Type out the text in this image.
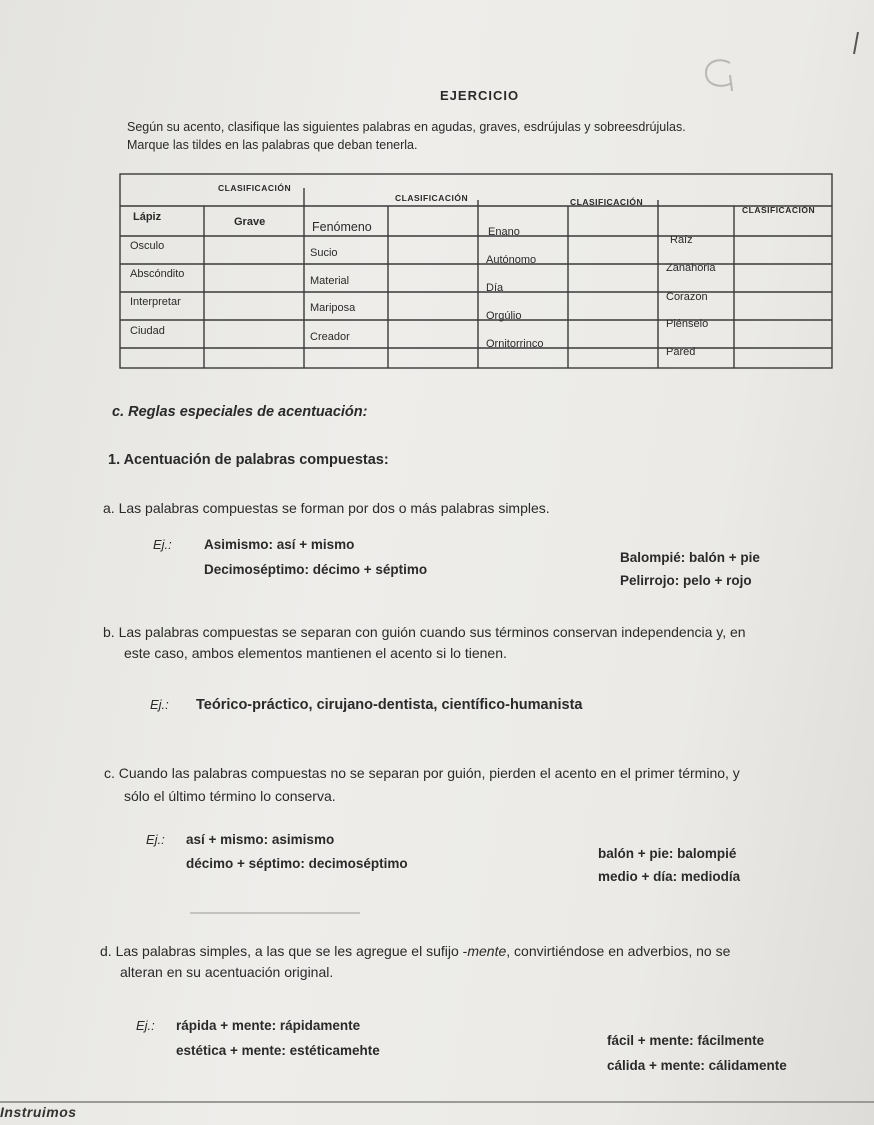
EJERCICIO
Según su acento, clasifique las siguientes palabras en agudas, graves, esdrújulas y sobreesdrújulas.
Marque las tildes en las palabras que deban tenerla.
CLASIFICACIÓN
CLASIFICACIÓN	CLASIFICACIÓN
CLASIFICACIÓN
Lápiz
Osculo
Abscóndito
Interpretar
Ciudad
Grave	Fenómeno
Sucio
Material
Mariposa
Creador
Enano
Autónomo
Día
Orgúlio
Ornitorrinco
Raíz
Zanahoria
Corazon
Piénselo
Pared
c. Reglas especiales de acentuación:
1. Acentuación de palabras compuestas:
a. Las palabras compuestas se forman por dos o más palabras simples.
Ej.: Asimismo: así + mismo
Decimoséptimo: décimo + séptimo
Balompié: balón + pie
Pelirrojo: pelo + rojo
b. Las palabras compuestas se separan con guión cuando sus términos conservan independencia y, en
este caso, ambos elementos mantienen el acento si lo tienen.
Ej.: Teórico-práctico, cirujano-dentista, científico-humanista
c. Cuando las palabras compuestas no se separan por guión, pierden el acento en el primer término, y
sólo el último término lo conserva.
Ej.: así + mismo: asimismo
décimo + séptimo: decimoséptimo
balón + pie: balompié
medio + día: mediodía
d. Las palabras simples, a las que se les agregue el sufijo -mente, convirtiéndose en adverbios, no se
alteran en su acentuación original.
Ej.: rápida + mente: rápidamente
estética + mente: estéticamehte
fácil + mente: fácilmente
cálida + mente: cálidamente
Instruimos
